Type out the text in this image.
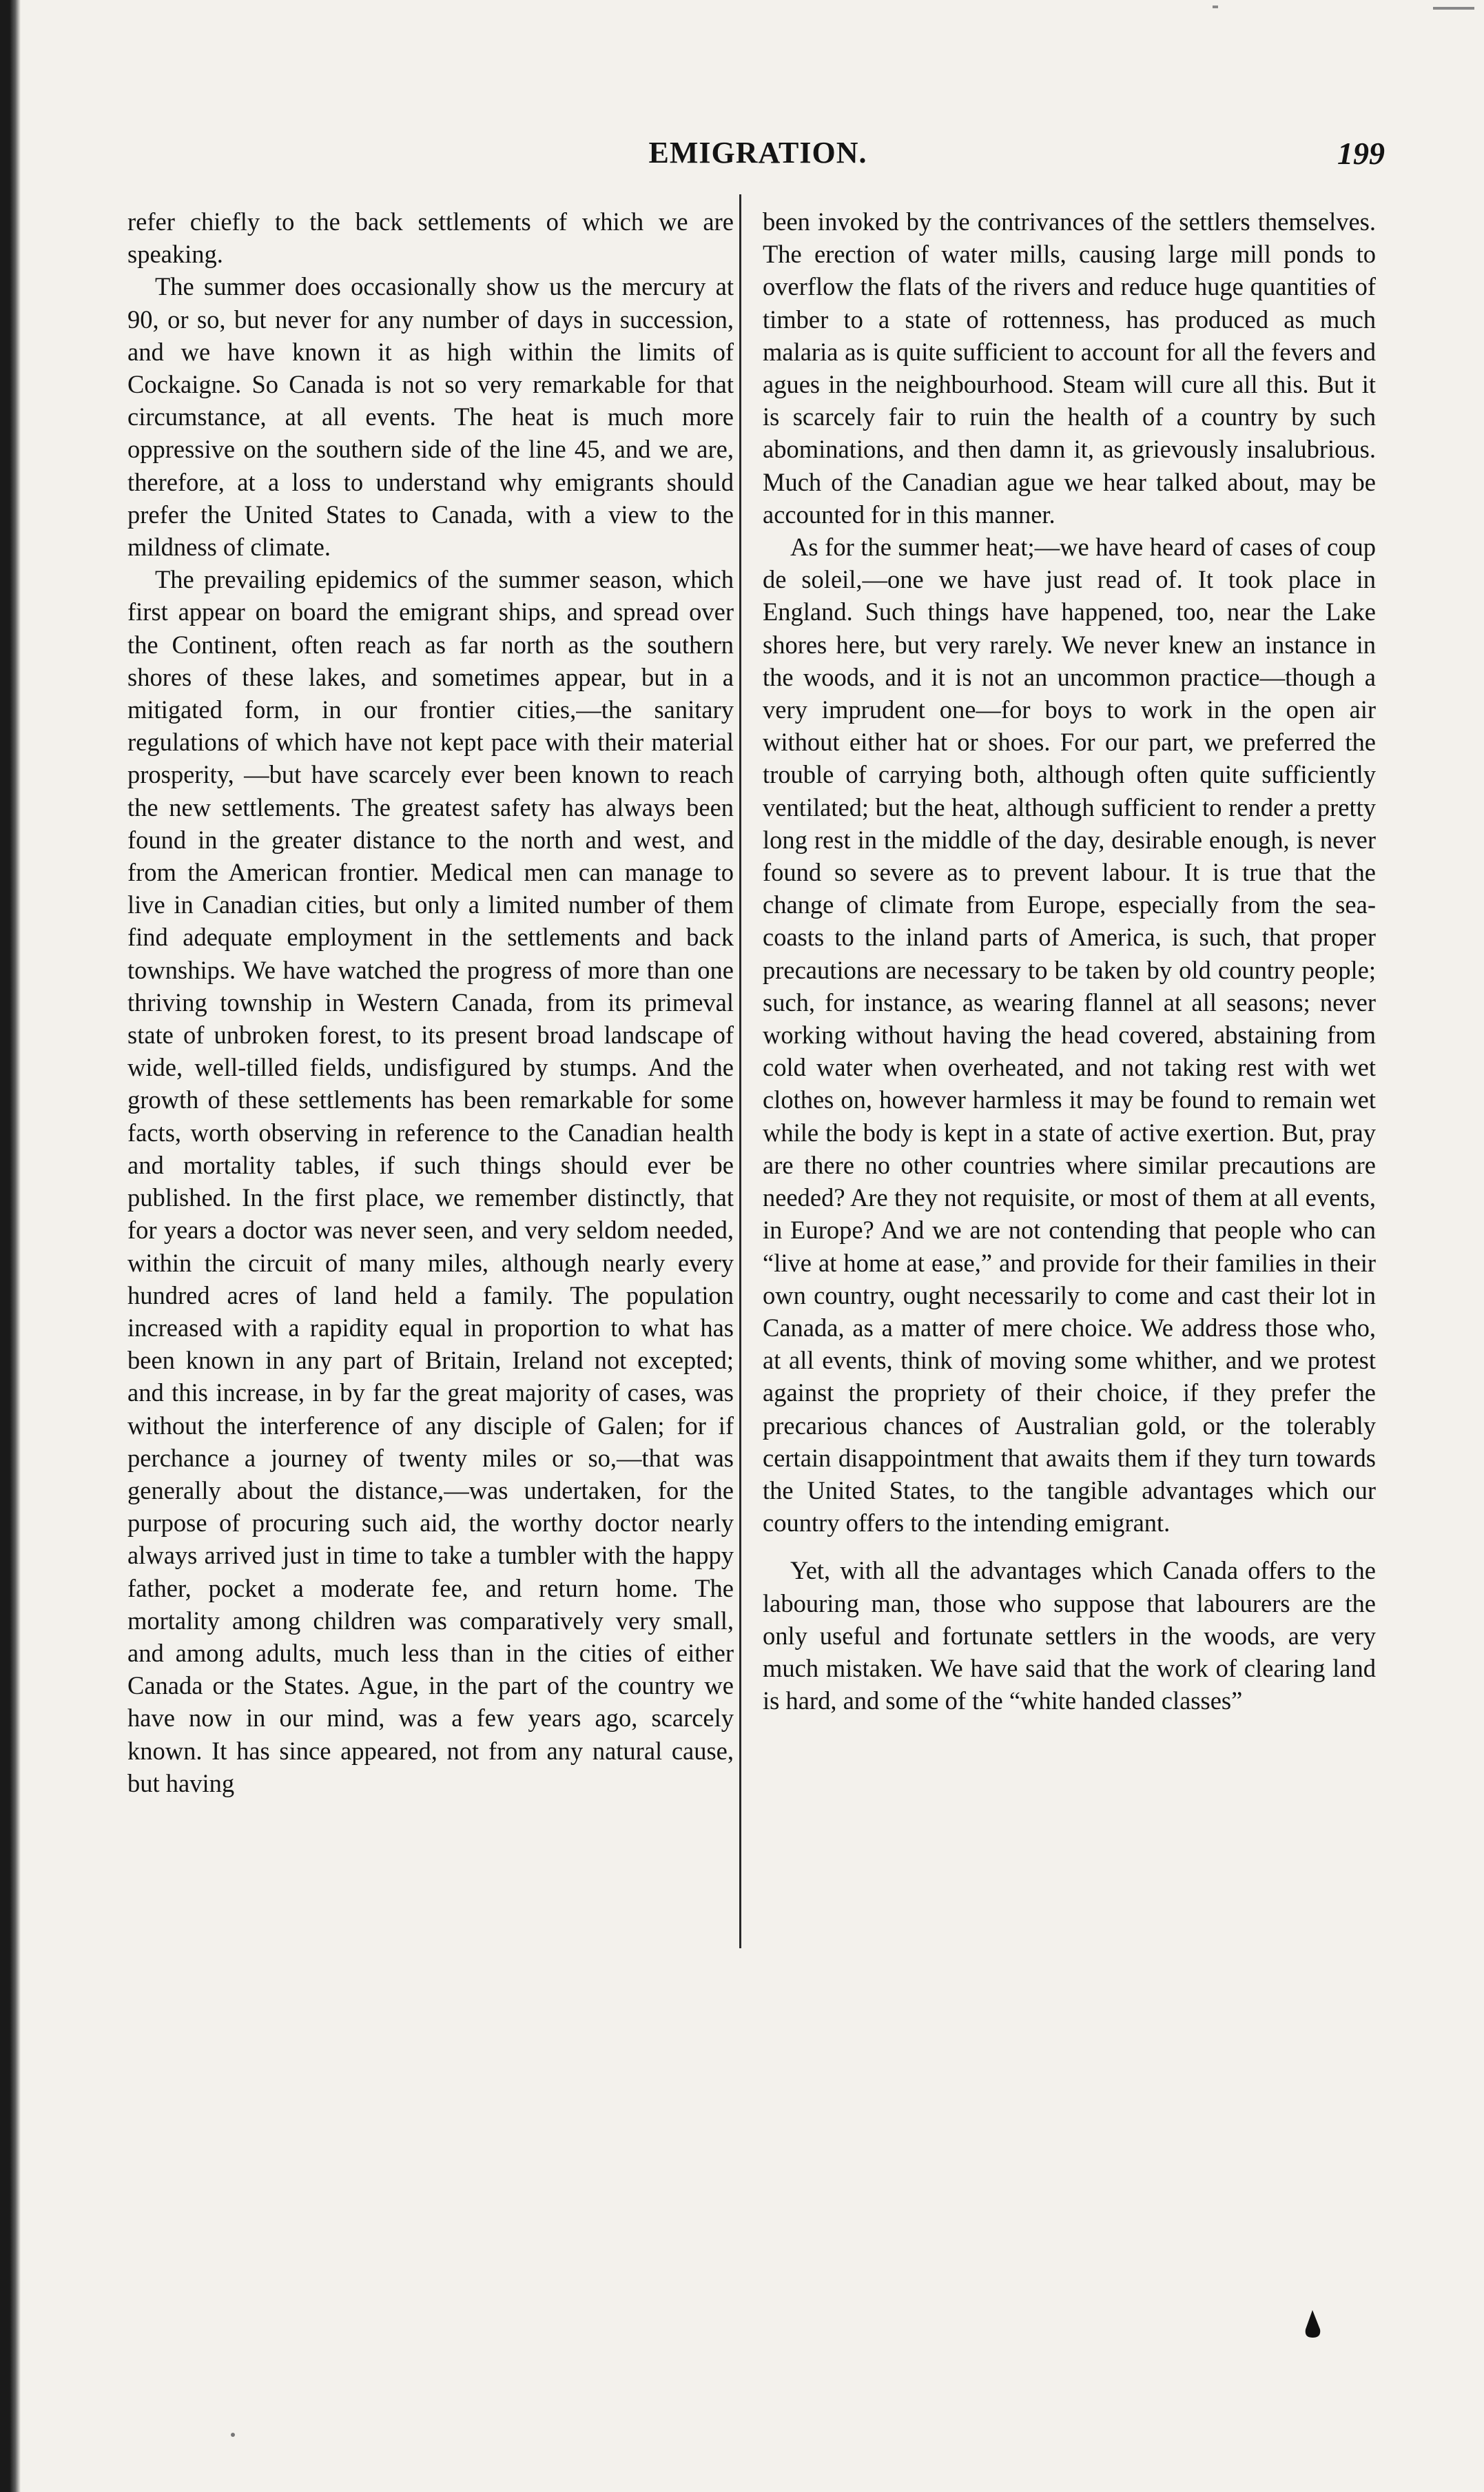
EMIGRATION.	199

refer chiefly to the back settlements of which we are speaking.

The summer does occasionally show us the mercury at 90, or so, but never for any number of days in succession, and we have known it as high within the limits of Cockaigne. So Canada is not so very remarkable for that circumstance, at all events. The heat is much more oppressive on the southern side of the line 45, and we are, therefore, at a loss to understand why emigrants should prefer the United States to Canada, with a view to the mildness of climate.

The prevailing epidemics of the summer season, which first appear on board the emigrant ships, and spread over the Continent, often reach as far north as the southern shores of these lakes, and sometimes appear, but in a mitigated form, in our frontier cities,—the sanitary regulations of which have not kept pace with their material prosperity, —but have scarcely ever been known to reach the new settlements. The greatest safety has always been found in the greater distance to the north and west, and from the American frontier. Medical men can manage to live in Canadian cities, but only a limited number of them find adequate employment in the settlements and back townships. We have watched the progress of more than one thriving township in Western Canada, from its primeval state of unbroken forest, to its present broad landscape of wide, well-tilled fields, undisfigured by stumps. And the growth of these settlements has been remarkable for some facts, worth observing in reference to the Canadian health and mortality tables, if such things should ever be published. In the first place, we remember distinctly, that for years a doctor was never seen, and very seldom needed, within the circuit of many miles, although nearly every hundred acres of land held a family. The population increased with a rapidity equal in proportion to what has been known in any part of Britain, Ireland not excepted; and this increase, in by far the great majority of cases, was without the interference of any disciple of Galen; for if perchance a journey of twenty miles or so,—that was generally about the distance,—was undertaken, for the purpose of procuring such aid, the worthy doctor nearly always arrived just in time to take a tumbler with the happy father, pocket a moderate fee, and return home. The mortality among children was comparatively very small, and among adults, much less than in the cities of either Canada or the States. Ague, in the part of the country we have now in our mind, was a few years ago, scarcely known. It has since appeared, not from any natural cause, but having

been invoked by the contrivances of the settlers themselves. The erection of water mills, causing large mill ponds to overflow the flats of the rivers and reduce huge quantities of timber to a state of rottenness, has produced as much malaria as is quite sufficient to account for all the fevers and agues in the neighbourhood. Steam will cure all this. But it is scarcely fair to ruin the health of a country by such abominations, and then damn it, as grievously insalubrious. Much of the Canadian ague we hear talked about, may be accounted for in this manner.

As for the summer heat;—we have heard of cases of coup de soleil,—one we have just read of. It took place in England. Such things have happened, too, near the Lake shores here, but very rarely. We never knew an instance in the woods, and it is not an uncommon practice—though a very imprudent one—for boys to work in the open air without either hat or shoes. For our part, we preferred the trouble of carrying both, although often quite sufficiently ventilated; but the heat, although sufficient to render a pretty long rest in the middle of the day, desirable enough, is never found so severe as to prevent labour. It is true that the change of climate from Europe, especially from the sea-coasts to the inland parts of America, is such, that proper precautions are necessary to be taken by old country people; such, for instance, as wearing flannel at all seasons; never working without having the head covered, abstaining from cold water when overheated, and not taking rest with wet clothes on, however harmless it may be found to remain wet while the body is kept in a state of active exertion. But, pray are there no other countries where similar precautions are needed? Are they not requisite, or most of them at all events, in Europe? And we are not contending that people who can “live at home at ease,” and provide for their families in their own country, ought necessarily to come and cast their lot in Canada, as a matter of mere choice. We address those who, at all events, think of moving some whither, and we protest against the propriety of their choice, if they prefer the precarious chances of Australian gold, or the tolerably certain disappointment that awaits them if they turn towards the United States, to the tangible advantages which our country offers to the intending emigrant.

Yet, with all the advantages which Canada offers to the labouring man, those who suppose that labourers are the only useful and fortunate settlers in the woods, are very much mistaken. We have said that the work of clearing land is hard, and some of the “white handed classes”
